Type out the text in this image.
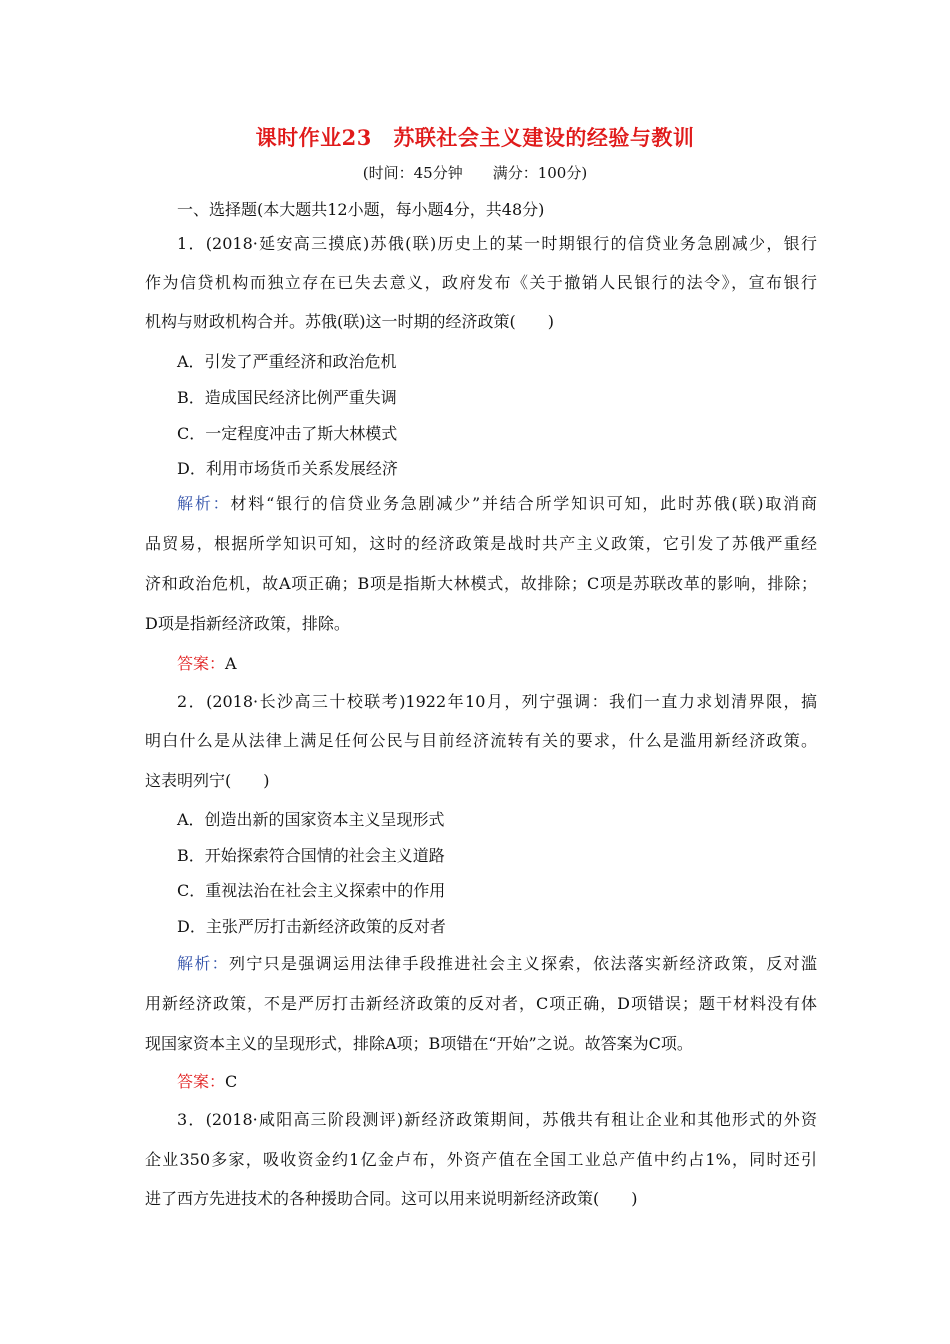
课时作业23　苏联社会主义建设的经验与教训
(时间：45分钟　　满分：100分)
一、选择题(本大题共12小题，每小题4分，共48分)
1．(2018·延安高三摸底)苏俄(联)历史上的某一时期银行的信贷业务急剧减少，银行
作为信贷机构而独立存在已失去意义，政府发布《关于撤销人民银行的法令》，宣布银行
机构与财政机构合并。苏俄(联)这一时期的经济政策(　　)
A．引发了严重经济和政治危机
B．造成国民经济比例严重失调
C．一定程度冲击了斯大林模式
D．利用市场货币关系发展经济
解析：材料“银行的信贷业务急剧减少”并结合所学知识可知，此时苏俄(联)取消商
品贸易，根据所学知识可知，这时的经济政策是战时共产主义政策，它引发了苏俄严重经
济和政治危机，故A项正确；B项是指斯大林模式，故排除；C项是苏联改革的影响，排除；
D项是指新经济政策，排除。
答案：A
2．(2018·长沙高三十校联考)1922年10月，列宁强调：我们一直力求划清界限，搞
明白什么是从法律上满足任何公民与目前经济流转有关的要求，什么是滥用新经济政策。
这表明列宁(　　)
A．创造出新的国家资本主义呈现形式
B．开始探索符合国情的社会主义道路
C．重视法治在社会主义探索中的作用
D．主张严厉打击新经济政策的反对者
解析：列宁只是强调运用法律手段推进社会主义探索，依法落实新经济政策，反对滥
用新经济政策，不是严厉打击新经济政策的反对者，C项正确，D项错误；题干材料没有体
现国家资本主义的呈现形式，排除A项；B项错在“开始”之说。故答案为C项。
答案：C
3．(2018·咸阳高三阶段测评)新经济政策期间，苏俄共有租让企业和其他形式的外资
企业350多家，吸收资金约1亿金卢布，外资产值在全国工业总产值中约占1%，同时还引
进了西方先进技术的各种援助合同。这可以用来说明新经济政策(　　)
